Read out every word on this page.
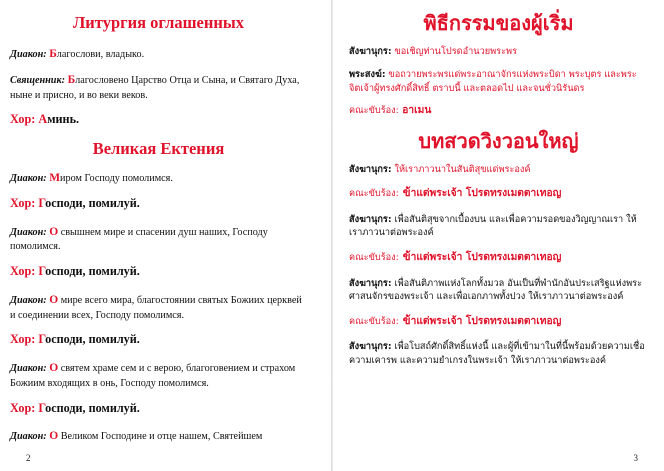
Литургия оглашенных

Диакон: Благослови, владыко.

Священник: Благословено Царство Отца и Сына, и Святаго Духа, ныне и присно, и во веки веков.

Хор: Аминь.

Великая Ектения

Диакон: Миром Господу помолимся.

Хор: Господи, помилуй.

Диакон: О свышнем мире и спасении душ наших, Господу помолимся.

Хор: Господи, помилуй.

Диакон: О мире всего мира, благостоянии святых Божиих церквей и соединении всех, Господу помолимся.

Хор: Господи, помилуй.

Диакон: О святем храме сем и с верою, благоговением и страхом Божиим входящих в онь, Господу помолимся.

Хор: Господи, помилуй.

Диакон: О Великом Господине и отце нашем, Святейшем

2
พิธีกรรมของผู้เริ่ม

สังฆานุกร: ขอเชิญท่านโปรดอำนวยพระพร

พระสงฆ์: ขอถวายพระพรแด่พระอาณาจักรแห่งพระบิดา พระบุตร และพระจิตเจ้าผู้ทรงศักดิ์สิทธิ์ ตราบนี้ และตลอดไป และจนชั่วนิรันดร

คณะขับร้อง: อาเมน

บทสวดวิงวอนใหญ่

สังฆานุกร: ให้เราภาวนาในสันติสุขแด่พระองค์

คณะขับร้อง: ข้าแต่พระเจ้า โปรดทรงเมตตาเทอญ

สังฆานุกร: เพื่อสันติสุขจากเบื้องบน และเพื่อความรอดของวิญญาณเรา ให้เราภาวนาต่อพระองค์

คณะขับร้อง: ข้าแต่พระเจ้า โปรดทรงเมตตาเทอญ

สังฆานุกร: เพื่อสันติภาพแห่งโลกทั้งมวล อันเป็นที่พำนักอันประเสริฐแห่งพระศาสนจักรของพระเจ้า และเพื่อเอกภาพทั้งปวง ให้เราภาวนาต่อพระองค์

คณะขับร้อง: ข้าแต่พระเจ้า โปรดทรงเมตตาเทอญ

สังฆานุกร: เพื่อโบสถ์ศักดิ์สิทธิ์แห่งนี้ และผู้ที่เข้ามาในที่นี้พร้อมด้วยความเชื่อ ความเคารพ และความยำเกรงในพระเจ้า ให้เราภาวนาต่อพระองค์

3
